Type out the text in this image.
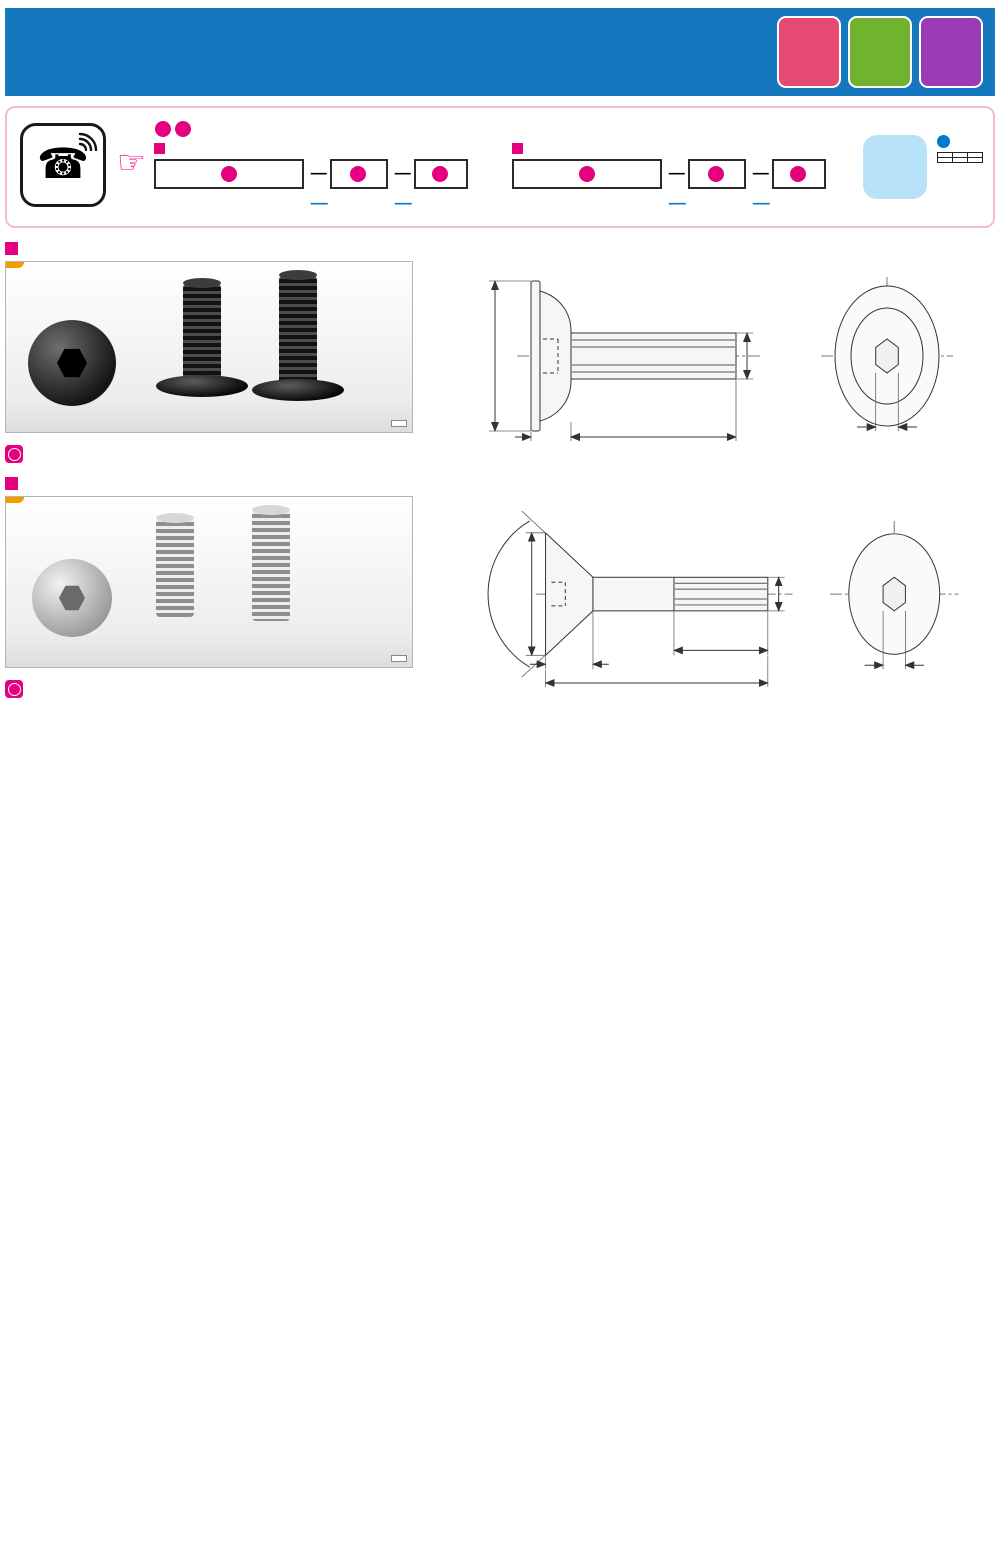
☎ ☞	—	—
—	—
—	—
—	—
